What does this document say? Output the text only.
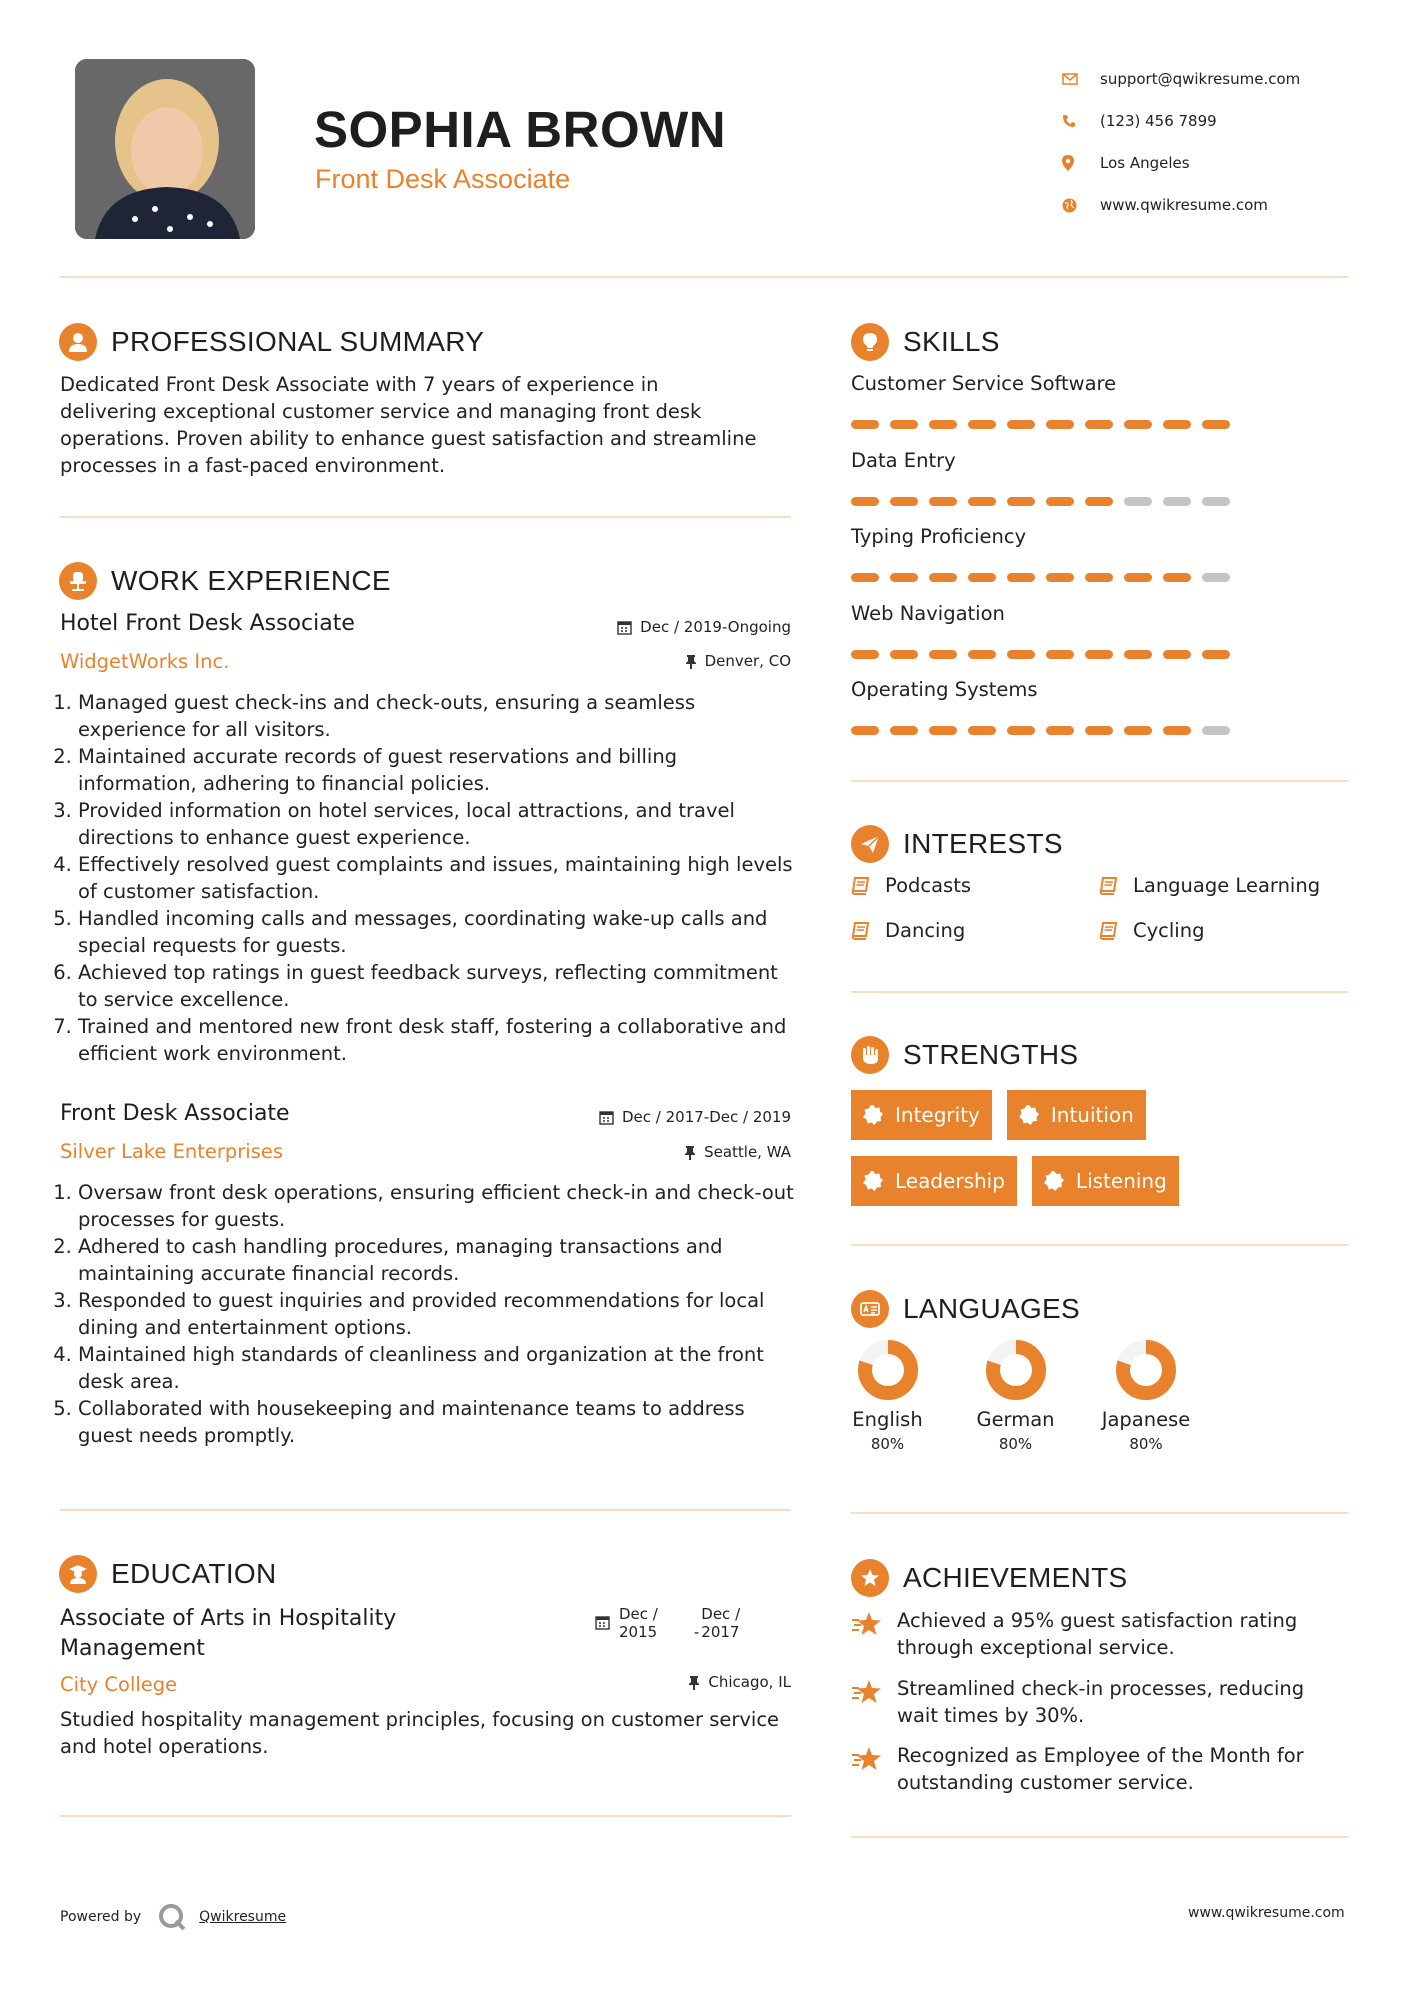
SOPHIA BROWN
Front Desk Associate
support@qwikresume.com
(123) 456 7899
Los Angeles
www.qwikresume.com
PROFESSIONAL SUMMARY
Dedicated Front Desk Associate with 7 years of experience in delivering exceptional customer service and managing front desk operations. Proven ability to enhance guest satisfaction and streamline processes in a fast-paced environment.
WORK EXPERIENCE
Hotel Front Desk Associate	Dec / 2019-Ongoing
WidgetWorks Inc.	Denver, CO
1. Managed guest check-ins and check-outs, ensuring a seamless experience for all visitors.
2. Maintained accurate records of guest reservations and billing information, adhering to financial policies.
3. Provided information on hotel services, local attractions, and travel directions to enhance guest experience.
4. Effectively resolved guest complaints and issues, maintaining high levels of customer satisfaction.
5. Handled incoming calls and messages, coordinating wake-up calls and special requests for guests.
6. Achieved top ratings in guest feedback surveys, reflecting commitment to service excellence.
7. Trained and mentored new front desk staff, fostering a collaborative and efficient work environment.
Front Desk Associate	Dec / 2017-Dec / 2019
Silver Lake Enterprises	Seattle, WA
1. Oversaw front desk operations, ensuring efficient check-in and check-out processes for guests.
2. Adhered to cash handling procedures, managing transactions and maintaining accurate financial records.
3. Responded to guest inquiries and provided recommendations for local dining and entertainment options.
4. Maintained high standards of cleanliness and organization at the front desk area.
5. Collaborated with housekeeping and maintenance teams to address guest needs promptly.
EDUCATION
Associate of Arts in Hospitality
Management
Dec /
2015 -
Dec /
2017
City College	Chicago, IL
Studied hospitality management principles, focusing on customer service and hotel operations.
SKILLS
Customer Service Software
Data Entry
Typing Proficiency
Web Navigation
Operating Systems
INTERESTS
Podcasts	Language Learning
Dancing	Cycling
STRENGTHS
Integrity	Intuition
Leadership	Listening
LANGUAGES
English
80%
German
80%
Japanese
80%
ACHIEVEMENTS
Achieved a 95% guest satisfaction rating through exceptional service.
Streamlined check-in processes, reducing wait times by 30%.
Recognized as Employee of the Month for outstanding customer service.
Powered by	Qwikresume	www.qwikresume.com
